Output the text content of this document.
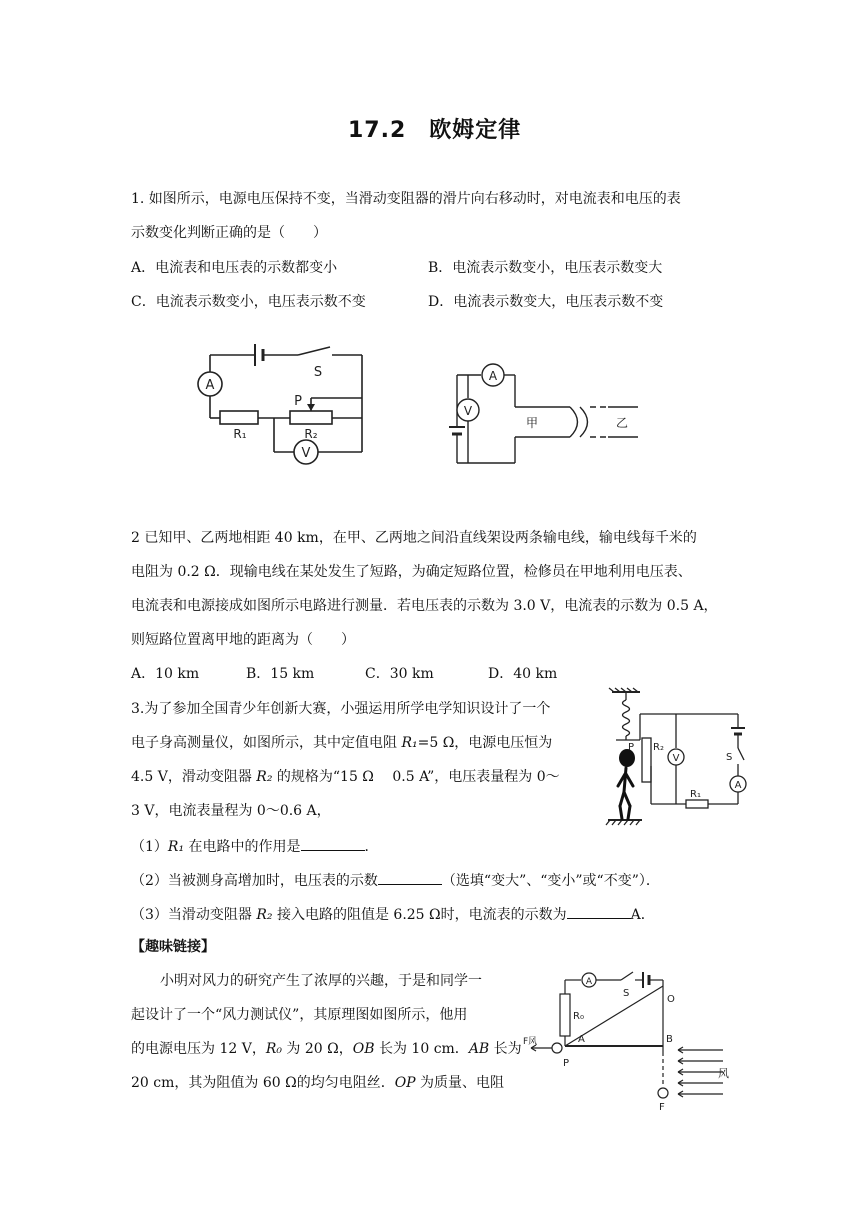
17.2　欧姆定律
1. 如图所示，电源电压保持不变，当滑动变阻器的滑片向右移动时，对电流表和电压的表
示数变化判断正确的是（　　）
A．电流表和电压表的示数都变小	B．电流表示数变小，电压表示数变大
C．电流表示数变小，电压表示数不变	D．电流表示数变大，电压表示数不变
A
S
P
R₁	R₂
V
A
V
甲	乙
2 已知甲、乙两地相距 40 km，在甲、乙两地之间沿直线架设两条输电线，输电线每千米的
电阻为 0.2 Ω．现输电线在某处发生了短路，为确定短路位置，检修员在甲地利用电压表、
电流表和电源接成如图所示电路进行测量．若电压表的示数为 3.0 V，电流表的示数为 0.5 A，
则短路位置离甲地的距离为（　　）
A．10 km	B．15 km	C．30 km	D．40 km
3.为了参加全国青少年创新大赛，小强运用所学电学知识设计了一个
电子身高测量仪，如图所示，其中定值电阻 R₁=5 Ω，电源电压恒为
4.5 V，滑动变阻器 R₂ 的规格为“15 Ω　 0.5 A”，电压表量程为 0～
3 V，电流表量程为 0～0.6 A，
（1）R₁ 在电路中的作用是	．
（2）当被测身高增加时，电压表的示数	（选填“变大”、“变小”或“不变”）．
（3）当滑动变阻器 R₂ 接入电路的阻值是 6.25 Ω时，电流表的示数为	A．
P R₂
V	S
A
R₁
【趣味链接】
小明对风力的研究产生了浓厚的兴趣，于是和同学一
起设计了一个“风力测试仪”，其原理图如图所示，他用
的电源电压为 12 V，R₀ 为 20 Ω，OB 长为 10 cm．AB 长为
20 cm，其为阻值为 60 Ω的均匀电阻丝．OP 为质量、电阻
A
S
R₀
O
A	B
F风
P
风
F
